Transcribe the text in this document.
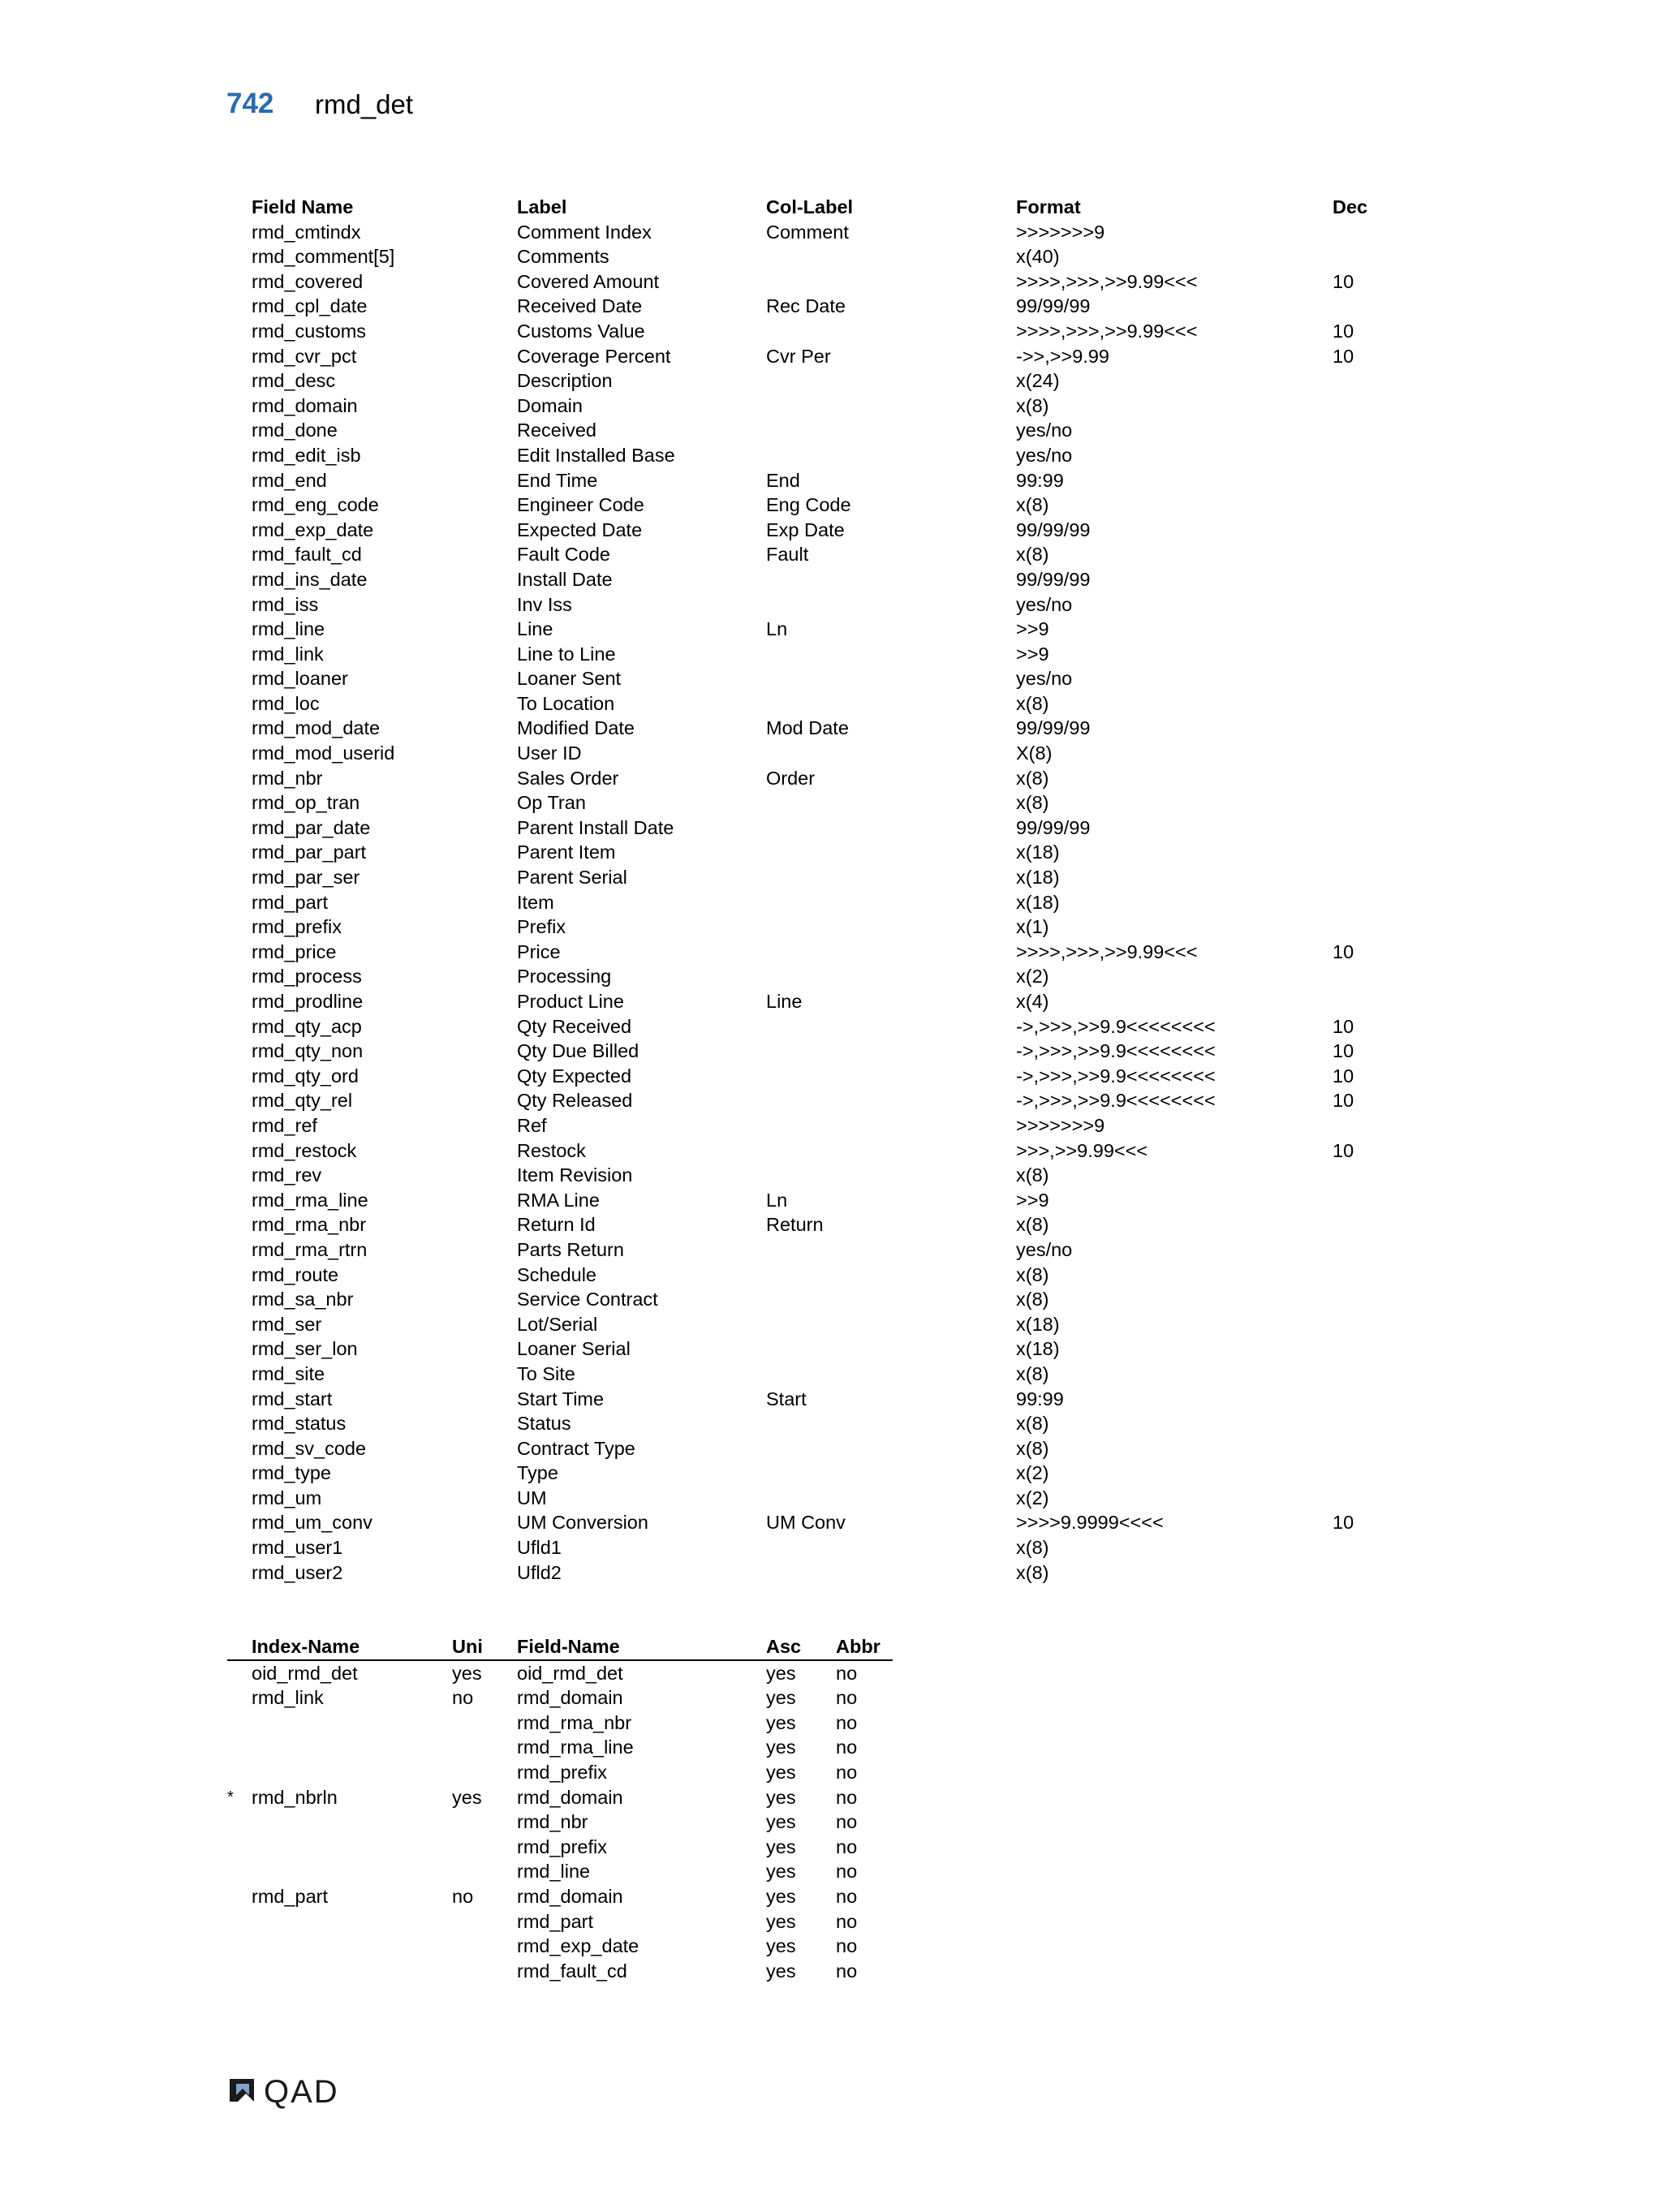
742 rmd_det
Field Name	Label	Col-Label	Format	Dec
rmd_cmtindx	Comment Index	Comment	>>>>>>>9	
rmd_comment[5]	Comments		x(40)	
rmd_covered	Covered Amount		>>>>,>>>,>>9.99<<<	10
rmd_cpl_date	Received Date	Rec Date	99/99/99	
rmd_customs	Customs Value		>>>>,>>>,>>9.99<<<	10
rmd_cvr_pct	Coverage Percent	Cvr Per	->>,>>9.99	10
rmd_desc	Description		x(24)	
rmd_domain	Domain		x(8)	
rmd_done	Received		yes/no	
rmd_edit_isb	Edit Installed Base		yes/no	
rmd_end	End Time	End	99:99	
rmd_eng_code	Engineer Code	Eng Code	x(8)	
rmd_exp_date	Expected Date	Exp Date	99/99/99	
rmd_fault_cd	Fault Code	Fault	x(8)	
rmd_ins_date	Install Date		99/99/99	
rmd_iss	Inv Iss		yes/no	
rmd_line	Line	Ln	>>9	
rmd_link	Line to Line		>>9	
rmd_loaner	Loaner Sent		yes/no	
rmd_loc	To Location		x(8)	
rmd_mod_date	Modified Date	Mod Date	99/99/99	
rmd_mod_userid	User ID		X(8)	
rmd_nbr	Sales Order	Order	x(8)	
rmd_op_tran	Op Tran		x(8)	
rmd_par_date	Parent Install Date		99/99/99	
rmd_par_part	Parent Item		x(18)	
rmd_par_ser	Parent Serial		x(18)	
rmd_part	Item		x(18)	
rmd_prefix	Prefix		x(1)	
rmd_price	Price		>>>>,>>>,>>9.99<<<	10
rmd_process	Processing		x(2)	
rmd_prodline	Product Line	Line	x(4)	
rmd_qty_acp	Qty Received		->,>>>,>>9.9<<<<<<<<	10
rmd_qty_non	Qty Due Billed		->,>>>,>>9.9<<<<<<<<	10
rmd_qty_ord	Qty Expected		->,>>>,>>9.9<<<<<<<<	10
rmd_qty_rel	Qty Released		->,>>>,>>9.9<<<<<<<<	10
rmd_ref	Ref		>>>>>>>9	
rmd_restock	Restock		>>>,>>9.99<<<	10
rmd_rev	Item Revision		x(8)	
rmd_rma_line	RMA Line	Ln	>>9	
rmd_rma_nbr	Return Id	Return	x(8)	
rmd_rma_rtrn	Parts Return		yes/no	
rmd_route	Schedule		x(8)	
rmd_sa_nbr	Service Contract		x(8)	
rmd_ser	Lot/Serial		x(18)	
rmd_ser_lon	Loaner Serial		x(18)	
rmd_site	To Site		x(8)	
rmd_start	Start Time	Start	99:99	
rmd_status	Status		x(8)	
rmd_sv_code	Contract Type		x(8)	
rmd_type	Type		x(2)	
rmd_um	UM		x(2)	
rmd_um_conv	UM Conversion	UM Conv	>>>>9.9999<<<<	10
rmd_user1	Ufld1		x(8)	
rmd_user2	Ufld2		x(8)	
	Index-Name	Uni	Field-Name	Asc	Abbr
	oid_rmd_det	yes	oid_rmd_det	yes	no
	rmd_link	no	rmd_domain	yes	no
			rmd_rma_nbr	yes	no
			rmd_rma_line	yes	no
			rmd_prefix	yes	no
*	rmd_nbrln	yes	rmd_domain	yes	no
			rmd_nbr	yes	no
			rmd_prefix	yes	no
			rmd_line	yes	no
	rmd_part	no	rmd_domain	yes	no
			rmd_part	yes	no
			rmd_exp_date	yes	no
			rmd_fault_cd	yes	no
QAD
